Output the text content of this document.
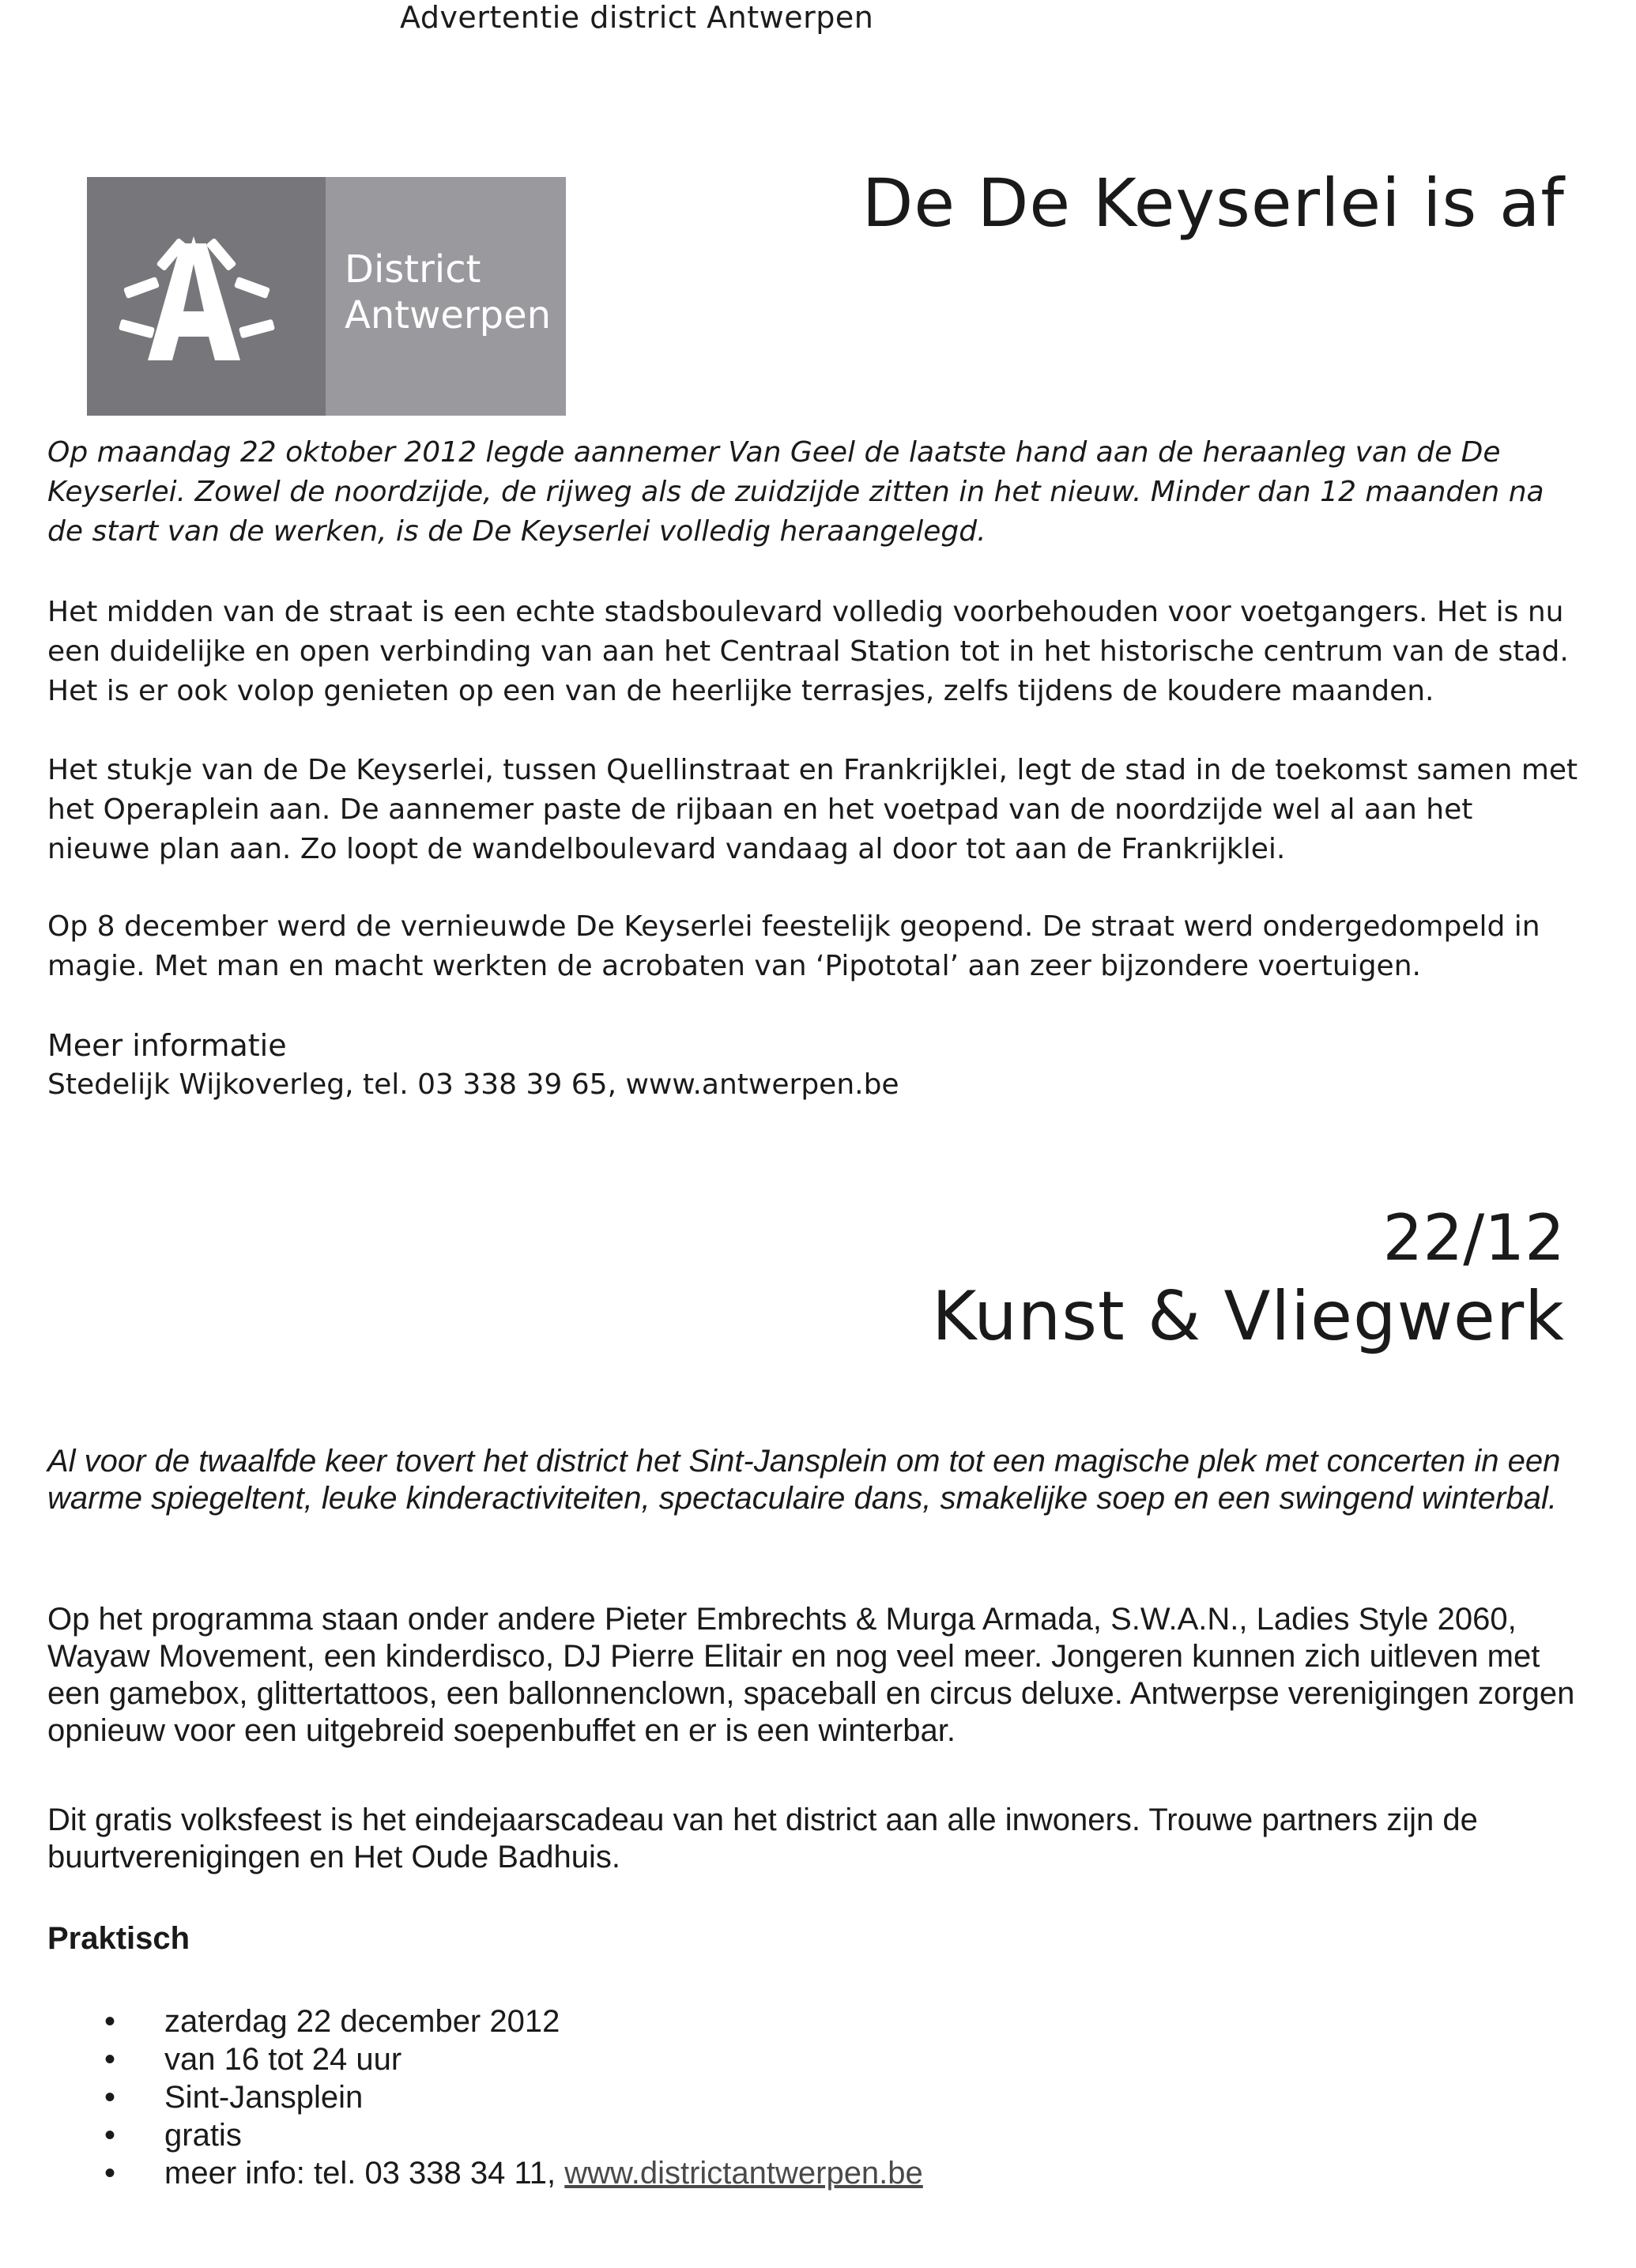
Advertentie district Antwerpen
District
Antwerpen
De De Keyserlei is af
Op maandag 22 oktober 2012 legde aannemer Van Geel de laatste hand aan de heraanleg van de De Keyserlei. Zowel de noordzijde, de rijweg als de zuidzijde zitten in het nieuw. Minder dan 12 maanden na de start van de werken, is de De Keyserlei volledig heraangelegd.
Het midden van de straat is een echte stadsboulevard volledig voorbehouden voor voetgangers. Het is nu een duidelijke en open verbinding van aan het Centraal Station tot in het historische centrum van de stad. Het is er ook volop genieten op een van de heerlijke terrasjes, zelfs tijdens de koudere maanden.
Het stukje van de De Keyserlei, tussen Quellinstraat en Frankrijklei, legt de stad in de toekomst samen met het Operaplein aan. De aannemer paste de rijbaan en het voetpad van de noordzijde wel al aan het nieuwe plan aan. Zo loopt de wandelboulevard vandaag al door tot aan de Frankrijklei.
Op 8 december werd de vernieuwde De Keyserlei feestelijk geopend. De straat werd ondergedompeld in magie. Met man en macht werkten de acrobaten van ‘Pipototal’ aan zeer bijzondere voertuigen.
Meer informatie
Stedelijk Wijkoverleg, tel. 03 338 39 65, www.antwerpen.be
22/12
Kunst & Vliegwerk
Al voor de twaalfde keer tovert het district het Sint-Jansplein om tot een magische plek met concerten in een warme spiegeltent, leuke kinderactiviteiten, spectaculaire dans, smakelijke soep en een swingend winterbal.
Op het programma staan onder andere Pieter Embrechts & Murga Armada, S.W.A.N., Ladies Style 2060, Wayaw Movement, een kinderdisco, DJ Pierre Elitair en nog veel meer. Jongeren kunnen zich uitleven met een gamebox, glittertattoos, een ballonnenclown, spaceball en circus deluxe. Antwerpse verenigingen zorgen opnieuw voor een uitgebreid soepenbuffet en er is een winterbar.
Dit gratis volksfeest is het eindejaarscadeau van het district aan alle inwoners. Trouwe partners zijn de buurtverenigingen en Het Oude Badhuis.
Praktisch
• zaterdag 22 december 2012
• van 16 tot 24 uur
• Sint-Jansplein
• gratis
• meer info: tel. 03 338 34 11, www.districtantwerpen.be
